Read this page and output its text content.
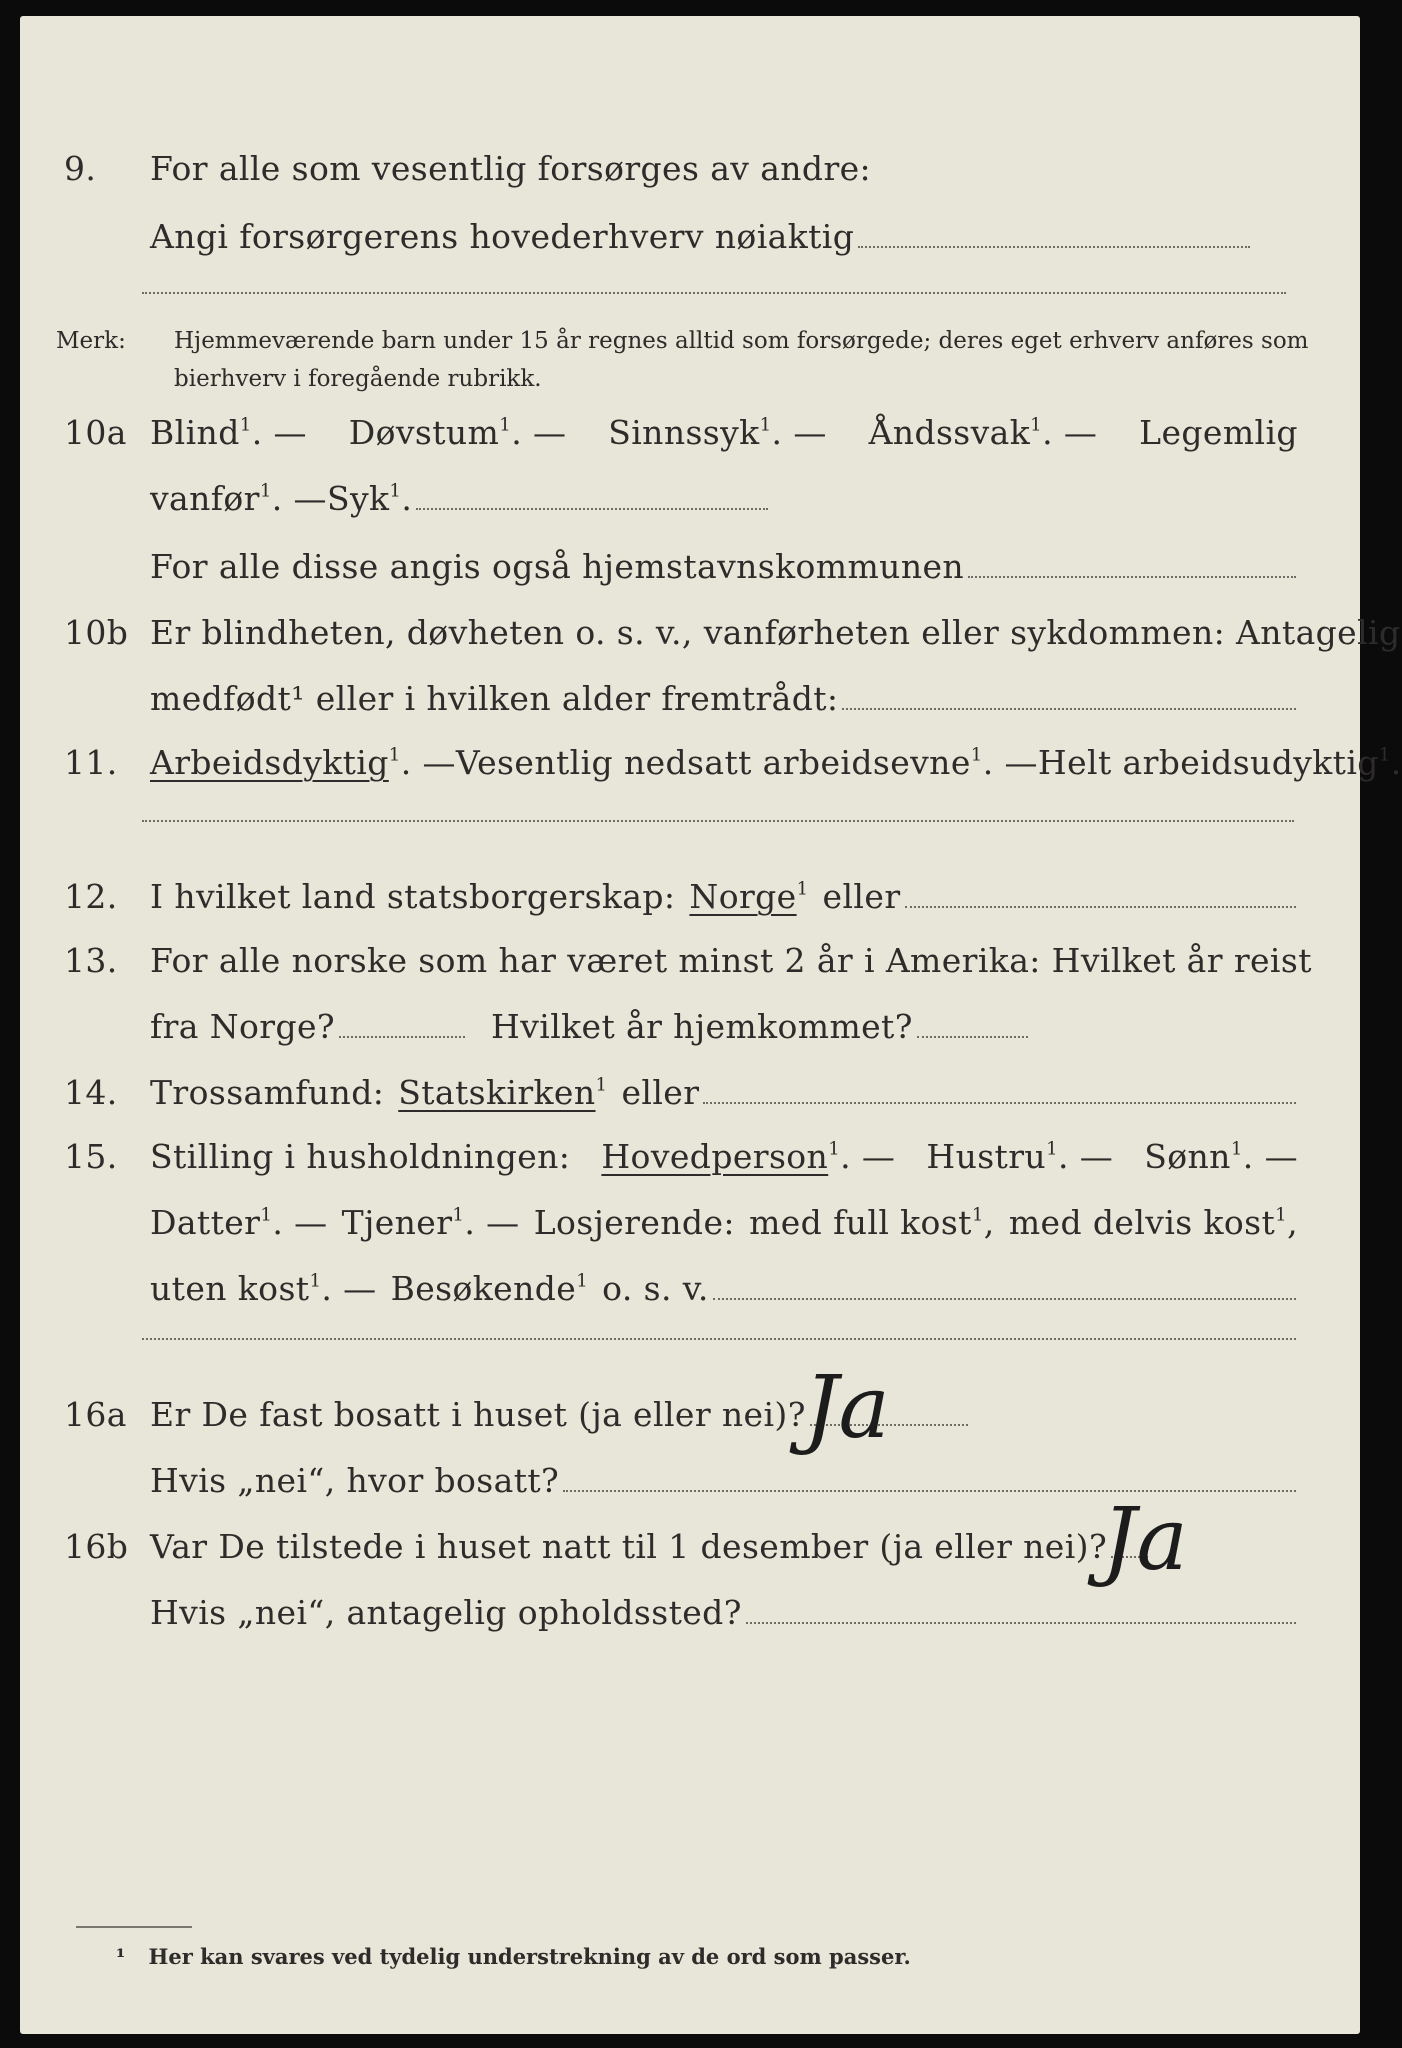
9. For alle som vesentlig forsørges av andre:
Angi forsørgerens hovederhverv nøiaktig
Merk: Hjemmeværende barn under 15 år regnes alltid som forsørgede; deres eget erhverv anføres som bierhverv i foregående rubrikk.
10a Blind$^1$. — Døvstum$^1$. — Sinnssyk$^1$. — Åndssvak$^1$. — Legemlig
vanfør$^1$. — Syk$^1$.
For alle disse angis også hjemstavnskommunen
10b Er blindheten, døvheten o. s. v., vanførheten eller sykdommen: Antagelig
medfødt¹ eller i hvilken alder fremtrådt:
11. Arbeidsdyktig$^1$. — Vesentlig nedsatt arbeidsevne$^1$. — Helt arbeidsudyktig$^1$.
12. I hvilket land statsborgerskap: Norge$^1$ eller
13. For alle norske som har været minst 2 år i Amerika: Hvilket år reist
fra Norge?	Hvilket år hjemkommet?
14. Trossamfund: Statskirken$^1$ eller
15. Stilling i husholdningen: Hovedperson$^1$. — Hustru$^1$. — Sønn$^1$. —
Datter$^1$. — Tjener$^1$. — Losjerende: med full kost$^1$, med delvis kost$^1$,
uten kost$^1$. — Besøkende$^1$ o. s. v.
16a Er De fast bosatt i huset (ja eller nei)?
Ja
Hvis „nei“, hvor bosatt?
16b Var De tilstede i huset natt til 1 desember (ja eller nei)?
Ja
Hvis „nei“, antagelig opholdssted?
¹ Her kan svares ved tydelig understrekning av de ord som passer.
